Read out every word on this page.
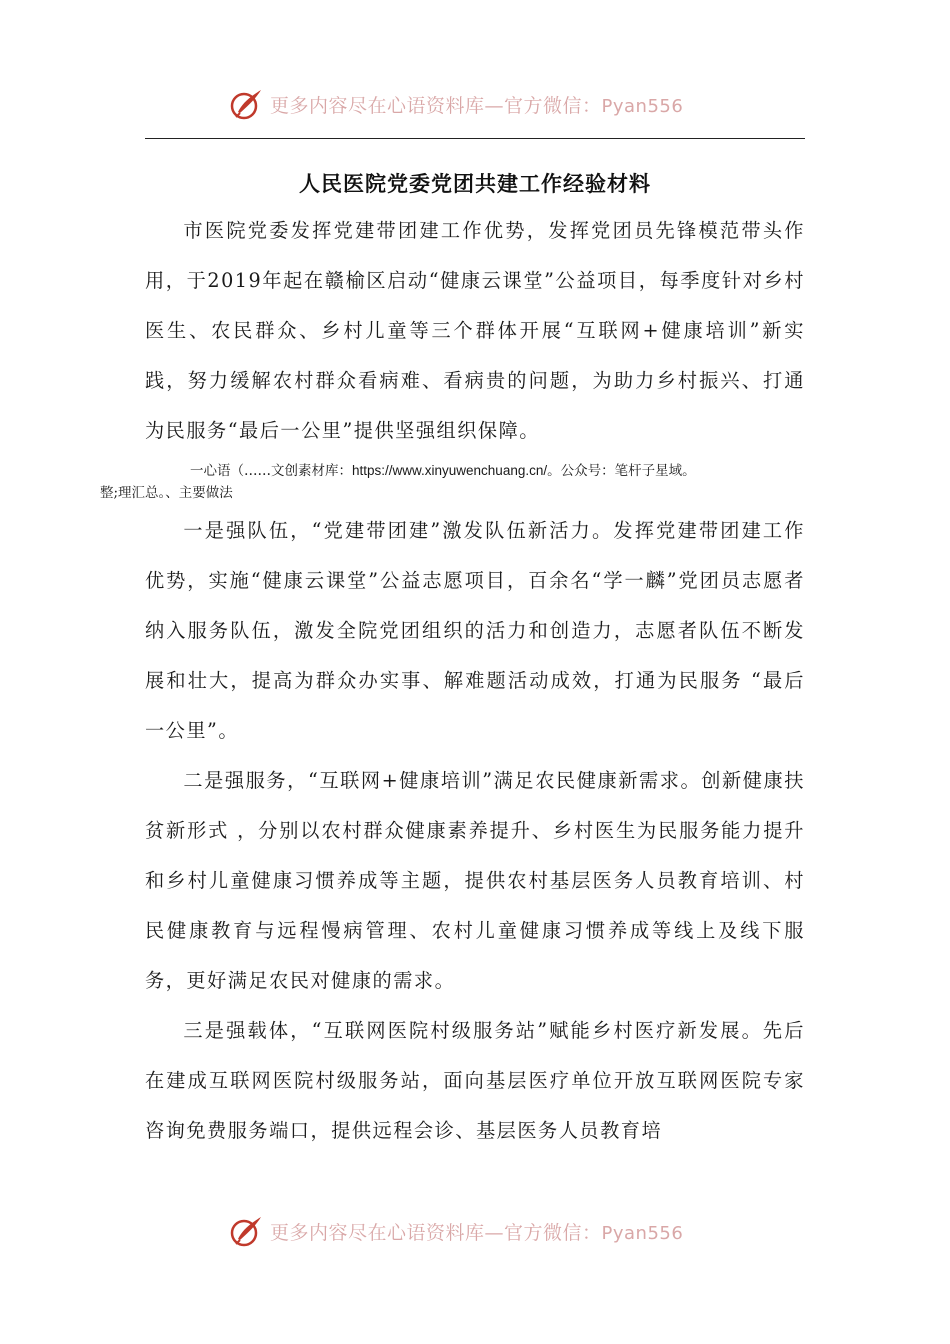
更多内容尽在心语资料库—官方微信：Pyan556
人民医院党委党团共建工作经验材料

市医院党委发挥党建带团建工作优势，发挥党团员先锋模范带头作用，于2019年起在赣榆区启动“健康云课堂”公益项目，每季度针对乡村医生、农民群众、乡村儿童等三个群体开展“互联网+健康培训”新实践，努力缓解农村群众看病难、看病贵的问题，为助力乡村振兴、打通为民服务“最后一公里”提供坚强组织保障。

一心语（……文创素材库：https://www.xinyuwenchuang.cn/。公众号：笔杆子星域。
整;理汇总。、主要做法

一是强队伍，“党建带团建”激发队伍新活力。发挥党建带团建工作优势，实施“健康云课堂”公益志愿项目，百余名“学一麟”党团员志愿者纳入服务队伍，激发全院党团组织的活力和创造力，志愿者队伍不断发展和壮大，提高为群众办实事、解难题活动成效，打通为民服务 “最后一公里”。

二是强服务，“互联网+健康培训”满足农民健康新需求。创新健康扶贫新形式 ，分别以农村群众健康素养提升、乡村医生为民服务能力提升和乡村儿童健康习惯养成等主题，提供农村基层医务人员教育培训、村民健康教育与远程慢病管理、农村儿童健康习惯养成等线上及线下服务，更好满足农民对健康的需求。

三是强载体，“互联网医院村级服务站”赋能乡村医疗新发展。先后在建成互联网医院村级服务站，面向基层医疗单位开放互联网医院专家咨询免费服务端口，提供远程会诊、基层医务人员教育培

更多内容尽在心语资料库—官方微信：Pyan556
